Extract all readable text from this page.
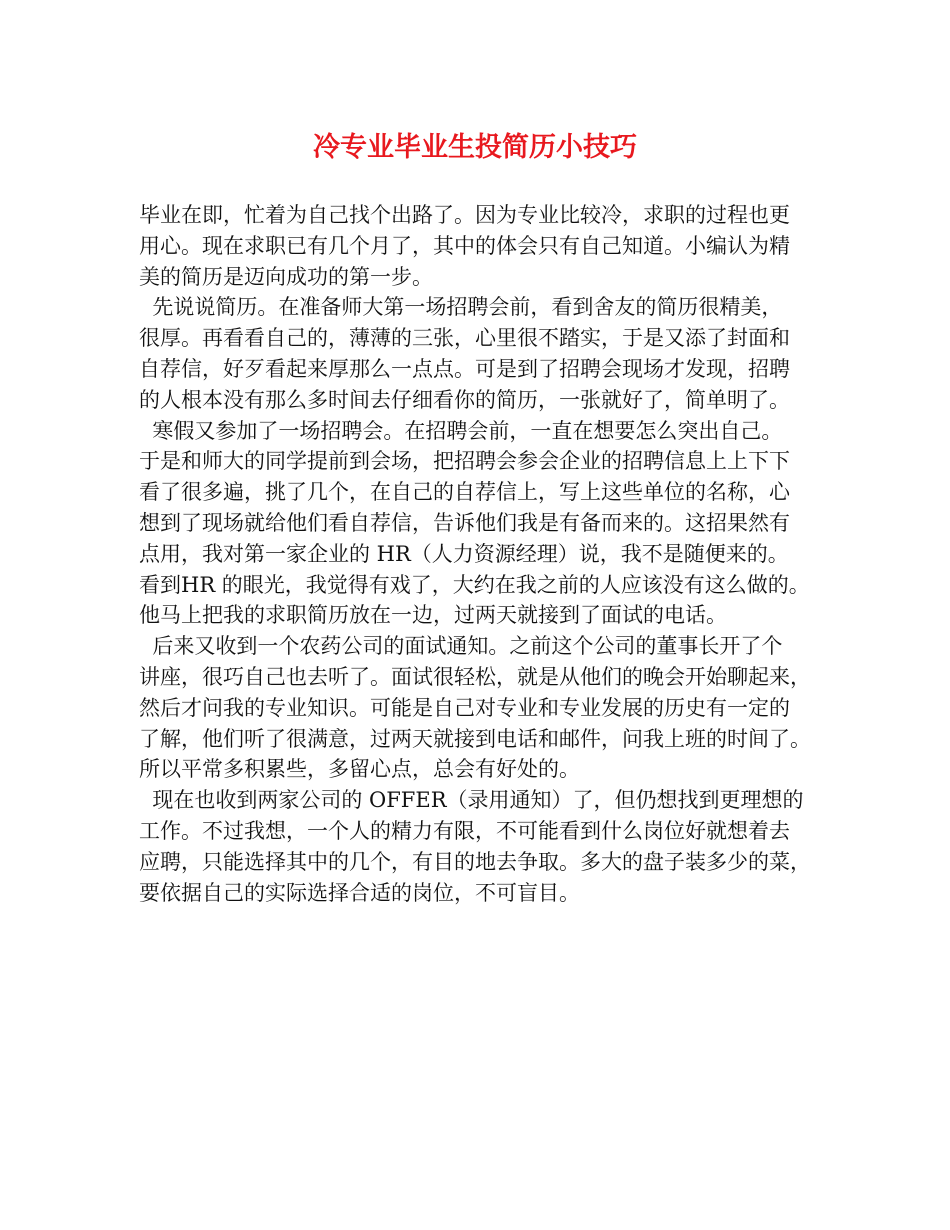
冷专业毕业生投简历小技巧
毕业在即，忙着为自己找个出路了。因为专业比较冷，求职的过程也更
用心。现在求职已有几个月了，其中的体会只有自己知道。小编认为精
美的简历是迈向成功的第一步。
先说说简历。在准备师大第一场招聘会前，看到舍友的简历很精美，
很厚。再看看自己的，薄薄的三张，心里很不踏实，于是又添了封面和
自荐信，好歹看起来厚那么一点点。可是到了招聘会现场才发现，招聘
的人根本没有那么多时间去仔细看你的简历，一张就好了，简单明了。
寒假又参加了一场招聘会。在招聘会前，一直在想要怎么突出自己。
于是和师大的同学提前到会场，把招聘会参会企业的招聘信息上上下下
看了很多遍，挑了几个，在自己的自荐信上，写上这些单位的名称，心
想到了现场就给他们看自荐信，告诉他们我是有备而来的。这招果然有
点用，我对第一家企业的 HR（人力资源经理）说，我不是随便来的。
看到HR 的眼光，我觉得有戏了，大约在我之前的人应该没有这么做的。
他马上把我的求职简历放在一边，过两天就接到了面试的电话。
后来又收到一个农药公司的面试通知。之前这个公司的董事长开了个
讲座，很巧自己也去听了。面试很轻松，就是从他们的晚会开始聊起来，
然后才问我的专业知识。可能是自己对专业和专业发展的历史有一定的
了解，他们听了很满意，过两天就接到电话和邮件，问我上班的时间了。
所以平常多积累些，多留心点，总会有好处的。
现在也收到两家公司的 OFFER（录用通知）了，但仍想找到更理想的
工作。不过我想，一个人的精力有限，不可能看到什么岗位好就想着去
应聘，只能选择其中的几个，有目的地去争取。多大的盘子装多少的菜，
要依据自己的实际选择合适的岗位，不可盲目。
